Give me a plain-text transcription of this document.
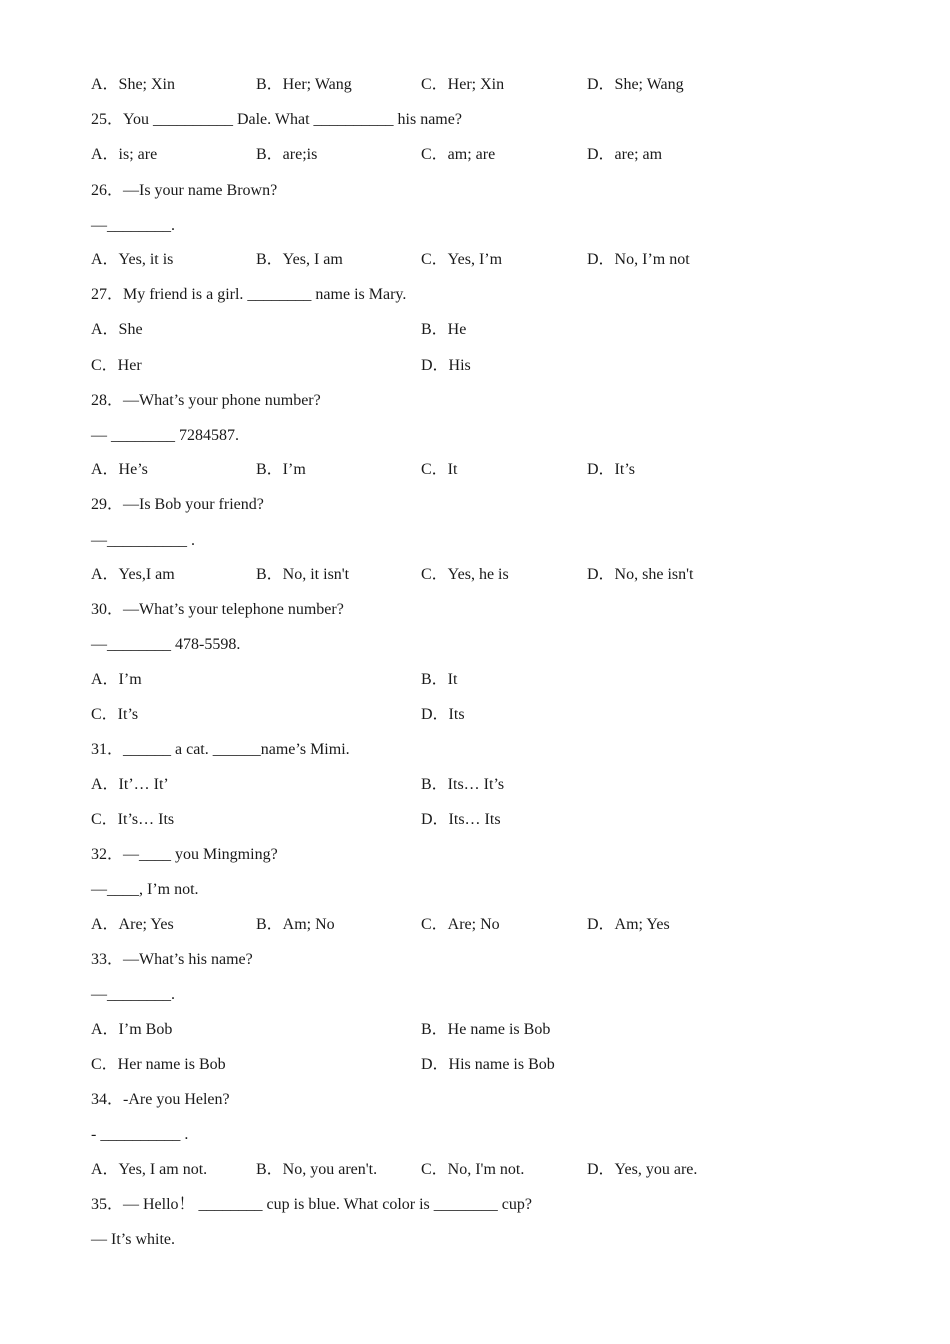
A．She; Xin	B．Her; Wang	C．Her; Xin	D．She; Wang
25．You __________ Dale. What __________ his name?
A．is; are	B．are;is	C．am; are	D．are; am
26．—Is your name Brown?
—________.
A．Yes, it is	B．Yes, I am	C．Yes, I’m	D．No, I’m not
27．My friend is a girl. ________ name is Mary.
A．She	B．He
C．Her	D．His
28．—What’s your phone number?
— ________ 7284587.
A．He’s	B．I’m	C．It	D．It’s
29．—Is Bob your friend?
—__________ .
A．Yes,I am	B．No, it isn't	C．Yes, he is	D．No, she isn't
30．—What’s your telephone number?
—________ 478-5598.
A．I’m	B．It
C．It’s	D．Its
31．______ a cat. ______name’s Mimi.
A．It’… It’	B．Its… It’s
C．It’s… Its	D．Its… Its
32．—____ you Mingming?
—____, I’m not.
A．Are; Yes	B．Am; No	C．Are; No	D．Am; Yes
33．—What’s his name?
—________.
A．I’m Bob	B．He name is Bob
C．Her name is Bob	D．His name is Bob
34．-Are you Helen?
- __________ .
A．Yes, I am not.	B．No, you aren't.	C．No, I'm not.	D．Yes, you are.
35．— Hello！ ________ cup is blue. What color is ________ cup?
— It’s white.
